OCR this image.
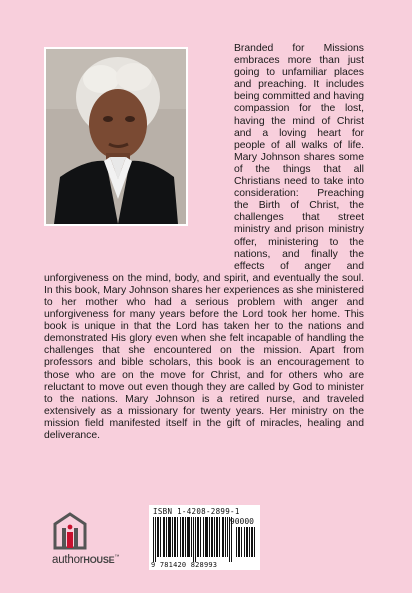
Branded for Missions embraces more than just going to unfamiliar places and preaching. It includes being committed and having compassion for the lost, having the mind of Christ and a loving heart for people of all walks of life. Mary Johnson shares some of the things that all Christians need to take into consideration: Preaching the Birth of Christ, the challenges that street ministry and prison ministry offer, ministering to the nations, and finally the effects of anger and unforgiveness on the mind, body, and spirit, and eventually the soul. In this book, Mary Johnson shares her experiences as she ministered to her mother who had a serious problem with anger and unforgiveness for many years before the Lord took her home. This book is unique in that the Lord has taken her to the nations and demonstrated His glory even when she felt incapable of handling the challenges that she encountered on the mission. Apart from professors and bible scholars, this book is an encouragement to those who are on the move for Christ, and for others who are reluctant to move out even though they are called by God to minister to the nations. Mary Johnson is a retired nurse, and traveled extensively as a missionary for twenty years. Her ministry on the mission field manifested itself in the gift of miracles, healing and deliverance.
authorHOUSE™
ISBN 1-4208-2899-1
90000
9 781420 828993
